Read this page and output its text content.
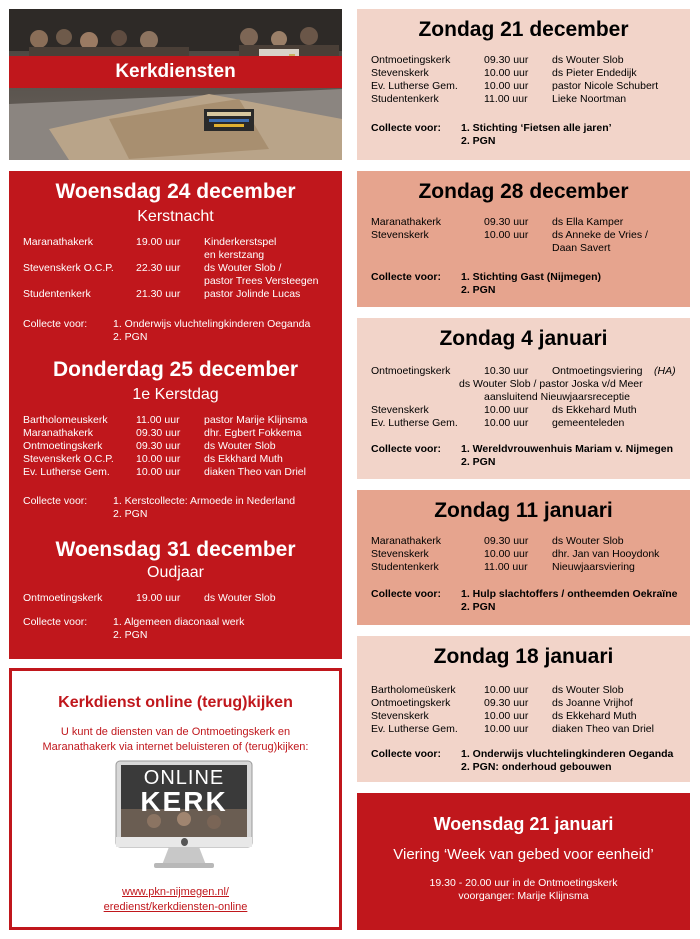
Kerkdiensten
Woensdag 24 december
Kerstnacht
Maranathakerk	19.00 uur Kinderkerstspel
en kerstzang
Stevenskerk O.C.P. 22.30 uur ds Wouter Slob /
pastor Trees Versteegen
Studentenkerk	21.30 uur pastor Jolinde Lucas
Collecte voor: 1. Onderwijs vluchtelingkinderen Oeganda
2. PGN
Donderdag 25 december
1e Kerstdag
Bartholomeuskerk	11.00 uur pastor Marije Klijnsma
Maranathakerk	09.30 uur dhr. Egbert Fokkema
Ontmoetingskerk	09.30 uur ds Wouter Slob
Stevenskerk O.C.P. 10.00 uur ds Ekkhard Muth
Ev. Lutherse Gem. 10.00 uur diaken Theo van Driel
Collecte voor: 1. Kerstcollecte: Armoede in Nederland
2. PGN
Woensdag 31 december
Oudjaar
Ontmoetingskerk	19.00 uur ds Wouter Slob
Collecte voor: 1. Algemeen diaconaal werk
2. PGN
Kerkdienst online (terug)kijken
U kunt de diensten van de Ontmoetingskerk en
Maranathakerk via internet beluisteren of (terug)kijken:
ONLINE
KERK
www.pkn-nijmegen.nl/
eredienst/kerkdiensten-online
Zondag 21 december
Ontmoetingskerk	09.30 uur ds Wouter Slob
Stevenskerk	10.00 uur ds Pieter Endedijk
Ev. Lutherse Gem. 10.00 uur pastor Nicole Schubert
Studentenkerk	11.00 uur Lieke Noortman
Collecte voor: 1. Stichting ‘Fietsen alle jaren’
2. PGN
Zondag 28 december
Maranathakerk	09.30 uur ds Ella Kamper
Stevenskerk	10.00 uur ds Anneke de Vries /
Daan Savert
Collecte voor: 1. Stichting Gast (Nijmegen)
2. PGN
Zondag 4 januari
Ontmoetingskerk	10.30 uur Ontmoetingsviering (HA)
ds Wouter Slob / pastor Joska v/d Meer
aansluitend Nieuwjaarsreceptie
Stevenskerk	10.00 uur ds Ekkehard Muth
Ev. Lutherse Gem. 10.00 uur gemeenteleden
Collecte voor: 1. Wereldvrouwenhuis Mariam v. Nijmegen
2. PGN
Zondag 11 januari
Maranathakerk	09.30 uur ds Wouter Slob
Stevenskerk	10.00 uur dhr. Jan van Hooydonk
Studentenkerk	11.00 uur Nieuwjaarsviering
Collecte voor: 1. Hulp slachtoffers / ontheemden Oekraïne
2. PGN
Zondag 18 januari
Bartholomeüskerk	10.00 uur ds Wouter Slob
Ontmoetingskerk	09.30 uur ds Joanne Vrijhof
Stevenskerk	10.00 uur ds Ekkehard Muth
Ev. Lutherse Gem. 10.00 uur diaken Theo van Driel
Collecte voor: 1. Onderwijs vluchtelingkinderen Oeganda
2. PGN: onderhoud gebouwen
Woensdag 21 januari
Viering ‘Week van gebed voor eenheid’
19.30 - 20.00 uur in de Ontmoetingskerk
voorganger: Marije Klijnsma
